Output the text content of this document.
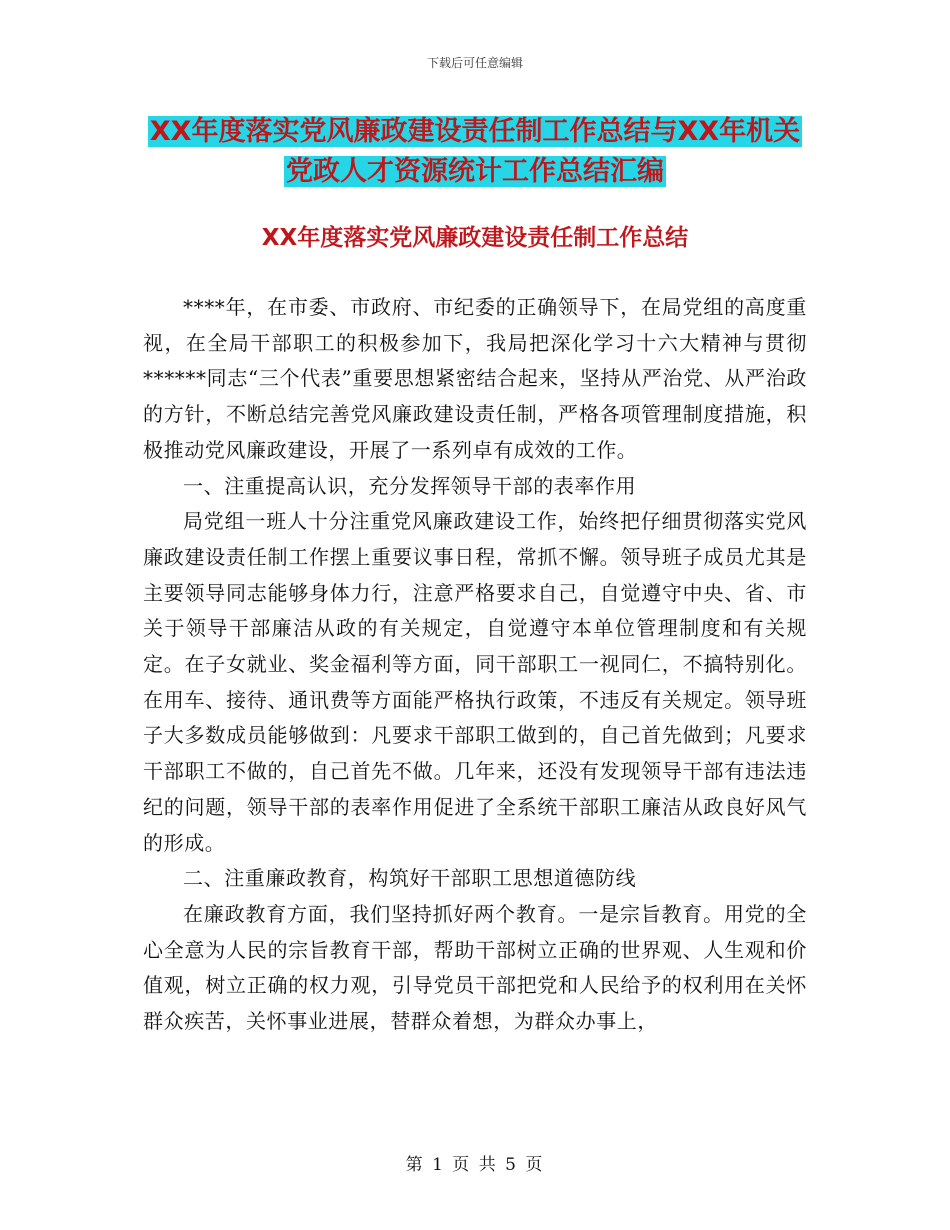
下载后可任意编辑
XX年度落实党风廉政建设责任制工作总结与XX年机关
党政人才资源统计工作总结汇编
XX年度落实党风廉政建设责任制工作总结

****年，在市委、市政府、市纪委的正确领导下，在局党组的高度重视，在全局干部职工的积极参加下，我局把深化学习十六大精神与贯彻******同志“三个代表”重要思想紧密结合起来，坚持从严治党、从严治政的方针，不断总结完善党风廉政建设责任制，严格各项管理制度措施，积极推动党风廉政建设，开展了一系列卓有成效的工作。

一、注重提高认识，充分发挥领导干部的表率作用

局党组一班人十分注重党风廉政建设工作，始终把仔细贯彻落实党风廉政建设责任制工作摆上重要议事日程，常抓不懈。领导班子成员尤其是主要领导同志能够身体力行，注意严格要求自己，自觉遵守中央、省、市关于领导干部廉洁从政的有关规定，自觉遵守本单位管理制度和有关规定。在子女就业、奖金福利等方面，同干部职工一视同仁，不搞特别化。在用车、接待、通讯费等方面能严格执行政策，不违反有关规定。领导班子大多数成员能够做到：凡要求干部职工做到的，自己首先做到；凡要求干部职工不做的，自己首先不做。几年来，还没有发现领导干部有违法违纪的问题，领导干部的表率作用促进了全系统干部职工廉洁从政良好风气的形成。

二、注重廉政教育，构筑好干部职工思想道德防线

在廉政教育方面，我们坚持抓好两个教育。一是宗旨教育。用党的全心全意为人民的宗旨教育干部，帮助干部树立正确的世界观、人生观和价值观，树立正确的权力观，引导党员干部把党和人民给予的权利用在关怀群众疾苦，关怀事业进展，替群众着想，为群众办事上，

第 1 页 共 5 页
